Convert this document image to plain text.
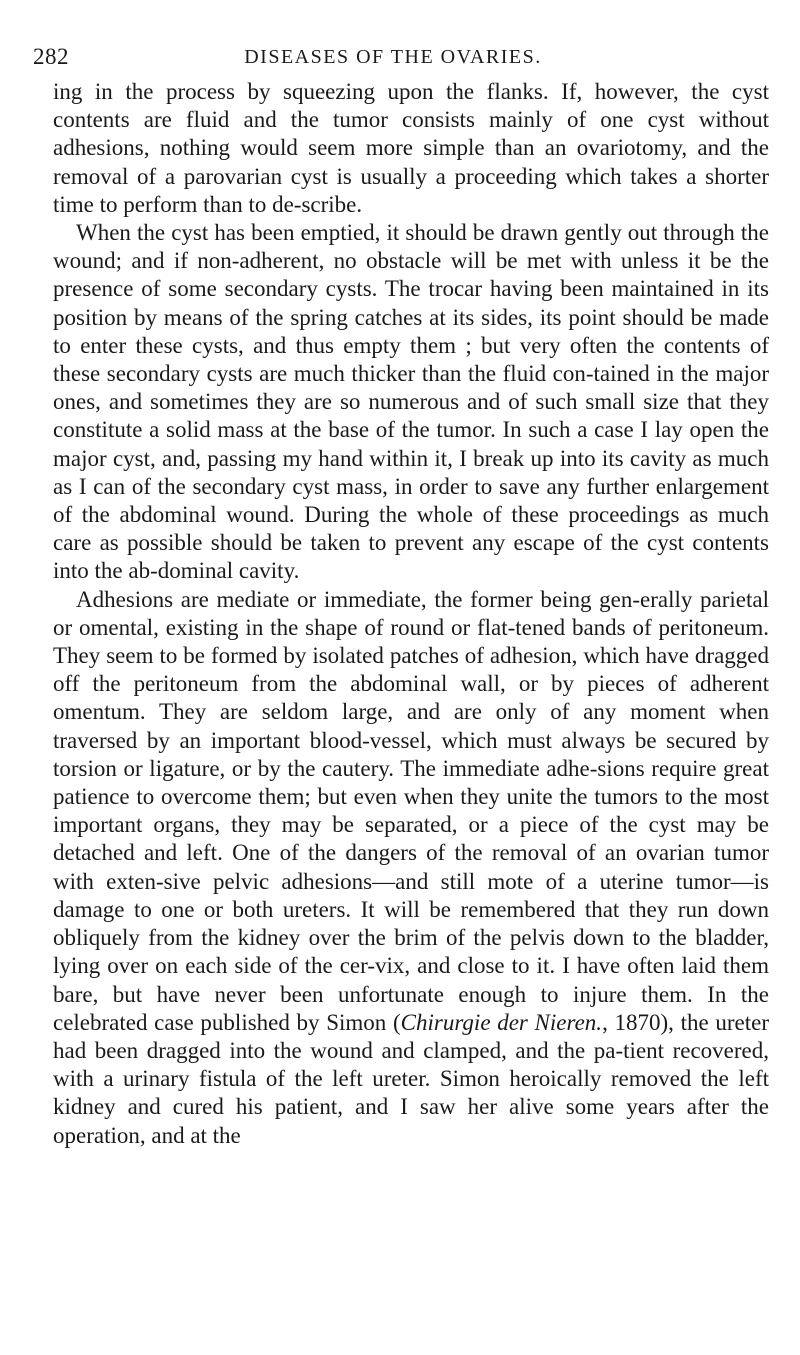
282	DISEASES OF THE OVARIES.

ing in the process by squeezing upon the flanks. If, however, the cyst contents are fluid and the tumor consists mainly of one cyst without adhesions, nothing would seem more simple than an ovariotomy, and the removal of a parovarian cyst is usually a proceeding which takes a shorter time to perform than to de-scribe.

When the cyst has been emptied, it should be drawn gently out through the wound; and if non-adherent, no obstacle will be met with unless it be the presence of some secondary cysts. The trocar having been maintained in its position by means of the spring catches at its sides, its point should be made to enter these cysts, and thus empty them ; but very often the contents of these secondary cysts are much thicker than the fluid con-tained in the major ones, and sometimes they are so numerous and of such small size that they constitute a solid mass at the base of the tumor. In such a case I lay open the major cyst, and, passing my hand within it, I break up into its cavity as much as I can of the secondary cyst mass, in order to save any further enlargement of the abdominal wound. During the whole of these proceedings as much care as possible should be taken to prevent any escape of the cyst contents into the ab-dominal cavity.

Adhesions are mediate or immediate, the former being gen-erally parietal or omental, existing in the shape of round or flat-tened bands of peritoneum. They seem to be formed by isolated patches of adhesion, which have dragged off the peritoneum from the abdominal wall, or by pieces of adherent omentum. They are seldom large, and are only of any moment when traversed by an important blood-vessel, which must always be secured by torsion or ligature, or by the cautery. The immediate adhe-sions require great patience to overcome them; but even when they unite the tumors to the most important organs, they may be separated, or a piece of the cyst may be detached and left. One of the dangers of the removal of an ovarian tumor with exten-sive pelvic adhesions—and still mote of a uterine tumor—is damage to one or both ureters. It will be remembered that they run down obliquely from the kidney over the brim of the pelvis down to the bladder, lying over on each side of the cer-vix, and close to it. I have often laid them bare, but have never been unfortunate enough to injure them. In the celebrated case published by Simon (Chirurgie der Nieren., 1870), the ureter had been dragged into the wound and clamped, and the pa-tient recovered, with a urinary fistula of the left ureter. Simon heroically removed the left kidney and cured his patient, and I saw her alive some years after the operation, and at the
